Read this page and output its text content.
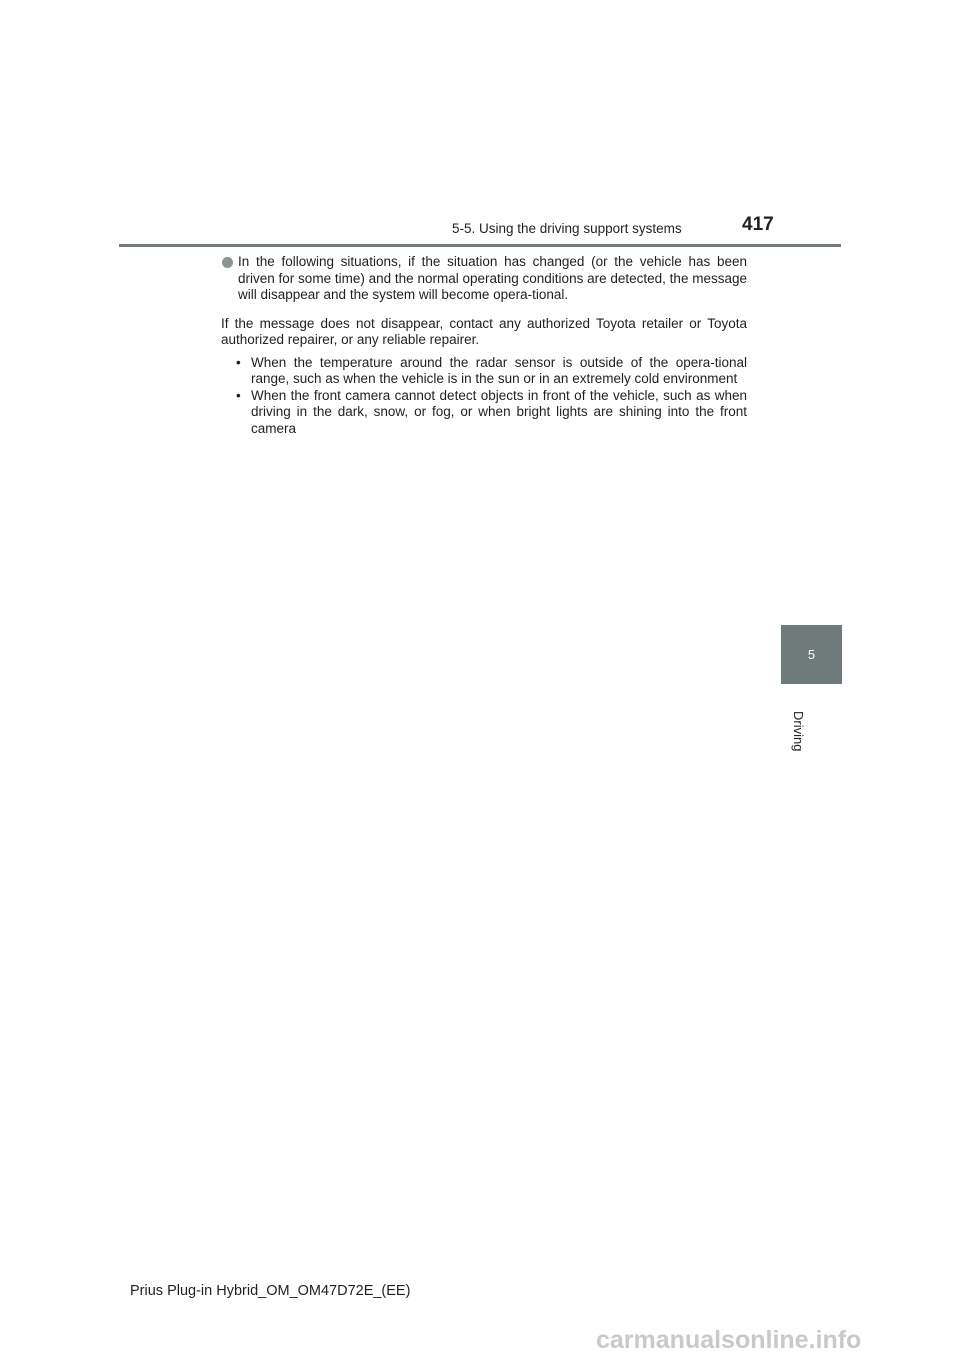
5-5. Using the driving support systems	417

In the following situations, if the situation has changed (or the vehicle has been driven for some time) and the normal operating conditions are detected, the message will disappear and the system will become opera-tional.

If the message does not disappear, contact any authorized Toyota retailer or Toyota authorized repairer, or any reliable repairer.

• When the temperature around the radar sensor is outside of the opera-tional range, such as when the vehicle is in the sun or in an extremely cold environment
• When the front camera cannot detect objects in front of the vehicle, such as when driving in the dark, snow, or fog, or when bright lights are shining into the front camera
5
Driving
Prius Plug-in Hybrid_OM_OM47D72E_(EE)
carmanualsonline.info
